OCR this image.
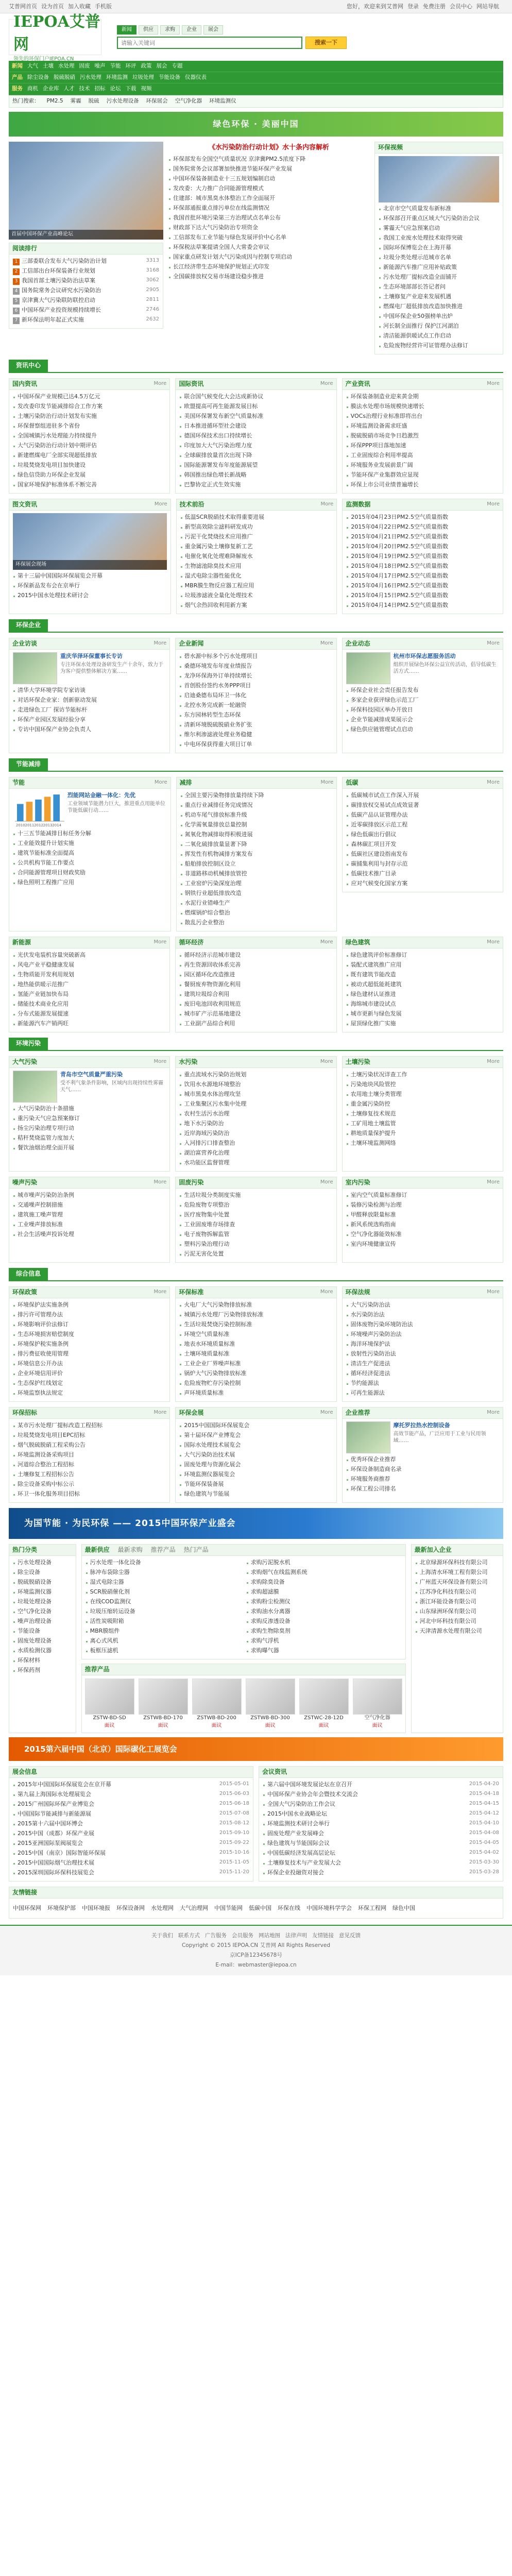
艾普网首页 设为首页 加入收藏 手机版	您好，欢迎来到艾普网 登录 免费注册 会员中心 网站导航
IEPOA艾普网
领先的环保门户IEPOA.CN
新闻	供应	求购	企业	展会
请输入关键词
搜索一下
新闻 大气 土壤 水处理 固废 噪声 节能 环评 政策 展会 专题
产品 除尘设备 脱硫脱硝 污水处理 环境监测 垃圾处理 节能设备 仪器仪表
服务 商机 企业库 人才 技术 招标 论坛 下载 视频
热门搜索： PM2.5 雾霾 脱硫 污水处理设备 环保展会 空气净化器 环境监测仪
绿色环保 · 美丽中国
首届中国环保产业高峰论坛
阅读排行
1 三部委联合发布大气污染防治计划	3313
2 工信部出台环保装备行业规划	3168
3 我国首部土壤污染防治法草案	3062
4 国务院常务会议研究水污染防治	2905
5 京津冀大气污染联防联控启动	2811
6 中国环保产业投资规模持续增长	2746
7 新环保法明年起正式实施	2632
《水污染防治行动计划》水十条内容解析
环保部发布全国空气质量状况 京津冀PM2.5浓度下降
国务院常务会议部署加快推进节能环保产业发展
中国环保装备制造业十三五规划编制启动
发改委：大力推广合同能源管理模式
住建部：城市黑臭水体整治工作全面展开
环保部通报重点排污单位在线监测情况
我国首批环境污染第三方治理试点名单公布
财政部下达大气污染防治专项资金
工信部发布工业节能与绿色发展评价中心名单
环保税法草案提请全国人大常委会审议
国家重点研发计划大气污染成因与控制专项启动
长江经济带生态环境保护规划正式印发
全国碳排放权交易市场建设稳步推进
环保视频
北京市空气质量发布新标准
环保部召开重点区域大气污染防治会议
雾霾天气应急预案启动
我国工业废水处理技术取得突破
国际环保博览会在上海开幕
垃圾分类处理示范城市名单
新能源汽车推广应用补贴政策
污水处理厂提标改造全面铺开
生态环境部部长答记者问
土壤修复产业迎来发展机遇
燃煤电厂超低排放改造加快推进
中国环保企业50强榜单出炉
河长制全面推行 保护江河湖泊
清洁能源供暖试点工作启动
危险废物经营许可证管理办法修订
资讯中心
国内资讯	More
中国环保产业规模已达4.5万亿元
发改委印发节能减排综合工作方案
土壤污染防治行动计划发布实施
环保督察组进驻多个省份
全国城镇污水处理能力持续提升
大气污染防治行动计划中期评估
新建燃煤电厂全部实现超低排放
垃圾焚烧发电项目加快建设
绿色信贷助力环保企业发展
国家环境保护标准体系不断完善
国际资讯	More
联合国气候变化大会达成新协议
欧盟提高可再生能源发展目标
美国环保署发布新空气质量标准
日本推进循环型社会建设
德国环保技术出口持续增长
印度加大大气污染治理力度
全球碳排放量首次出现下降
国际能源署发布年度能源展望
韩国推出绿色增长新战略
巴黎协定正式生效实施
产业资讯	More
环保装备制造业迎来黄金期
膜法水处理市场规模快速增长
VOCs治理行业标准即将出台
环境监测设备需求旺盛
脱硫脱硝市场竞争日趋激烈
环保PPP项目落地加速
工业固废综合利用率提高
环境服务业发展前景广阔
节能环保产业集群效应显现
环保上市公司业绩普遍增长
图文资讯	More
环保展会现场
第十三届中国国际环保展览会开幕
环保新品发布会在京举行
2015中国水处理技术研讨会
技术前沿	More
低温SCR脱硝技术取得重要进展
新型高效除尘滤料研发成功
污泥干化焚烧技术应用推广
重金属污染土壤修复新工艺
电催化氧化处理难降解废水
生物滤池除臭技术应用
湿式电除尘器性能优化
MBR膜生物反应器工程应用
垃圾渗滤液全量化处理技术
烟气余热回收利用新方案
监测数据	More
2015年04月23日PM2.5空气质量指数
2015年04月22日PM2.5空气质量指数
2015年04月21日PM2.5空气质量指数
2015年04月20日PM2.5空气质量指数
2015年04月19日PM2.5空气质量指数
2015年04月18日PM2.5空气质量指数
2015年04月17日PM2.5空气质量指数
2015年04月16日PM2.5空气质量指数
2015年04月15日PM2.5空气质量指数
2015年04月14日PM2.5空气质量指数
环保企业
企业访谈	More
重庆华泽环保董事长专访
专注环保水处理设备研发生产十余年，致力于为客户提供整体解决方案……
清华大学环境学院专家访谈
对话环保企业家：创新驱动发展
走进绿色工厂 探访节能标杆
环保产业园区发展经验分享
专访中国环保产业协会负责人
企业新闻	More
碧水源中标多个污水处理项目
桑德环境发布年度业绩报告
龙净环保海外订单持续增长
首创股份签约水务PPP项目
启迪桑德布局环卫一体化
北控水务完成新一轮融资
东方园林转型生态环保
清新环境脱硫脱硝业务扩张
维尔利渗滤液处理业务稳健
中电环保获得重大项目订单
企业动态	More
杭州市环保志愿服务活动
组织开展绿色环保公益宣传活动，倡导低碳生活方式……
环保企业社会责任报告发布
多家企业获评绿色示范工厂
环保科技园区举办开放日
企业节能减排成果展示会
绿色供应链管理试点启动
节能减排
节能	More
2010 2011 2012 2013 2014
烈能网站金融一体化：先优
工业领域节能潜力巨大，推进重点用能单位节能低碳行动……
十三五节能减排目标任务分解
工业能效提升计划实施
建筑节能标准全面提高
公共机构节能工作要点
合同能源管理项目财政奖励
绿色照明工程推广应用
减排	More
全国主要污染物排放量持续下降
重点行业减排任务完成情况
机动车尾气排放标准升级
化学需氧量排放总量控制
氮氧化物减排取得积极进展
二氧化硫排放量显著下降
挥发性有机物减排方案发布
船舶排放控制区设立
非道路移动机械排放管控
工业窑炉污染深度治理
钢铁行业超低排放改造
水泥行业错峰生产
燃煤锅炉综合整治
散乱污企业整治
低碳	More
低碳城市试点工作深入开展
碳排放权交易试点成效显著
低碳产品认证管理办法
近零碳排放区示范工程
绿色低碳出行倡议
森林碳汇项目开发
低碳社区建设指南发布
碳捕集利用与封存示范
低碳技术推广目录
应对气候变化国家方案
新能源	More
光伏发电装机容量突破新高
风电产业平稳健康发展
生物质能开发利用规划
地热能供暖示范推广
氢能产业链加快布局
储能技术商业化应用
分布式能源发展提速
新能源汽车产销两旺
循环经济	More
循环经济示范城市建设
再生资源回收体系完善
园区循环化改造推进
餐厨废弃物资源化利用
建筑垃圾综合利用
废旧电池回收利用规范
城市矿产示范基地建设
工业副产品综合利用
绿色建筑	More
绿色建筑评价标准修订
装配式建筑推广应用
既有建筑节能改造
被动式超低能耗建筑
绿色建材认证推进
海绵城市建设试点
城市更新与绿色发展
屋顶绿化推广实施
环境污染
大气污染	More
青岛市空气质量严重污染
受不利气象条件影响，区域内出现持续性雾霾天气……
大气污染防治十条措施
重污染天气应急预案修订
扬尘污染治理专项行动
秸秆焚烧监管力度加大
餐饮油烟治理全面开展
水污染	More
重点流域水污染防治规划
饮用水水源地环境整治
城市黑臭水体治理攻坚
工业集聚区污水集中处理
农村生活污水治理
地下水污染防治
近岸海域污染防治
入河排污口排查整治
湖泊富营养化治理
水功能区监督管理
土壤污染	More
土壤污染状况详查工作
污染地块风险管控
农用地土壤分类管理
重金属污染防控
土壤修复技术规范
工矿用地土壤监管
耕地质量保护提升
土壤环境监测网络
噪声污染	More
城市噪声污染防治条例
交通噪声控制措施
建筑施工噪声管理
工业噪声排放标准
社会生活噪声投诉处理
固废污染	More
生活垃圾分类制度实施
危险废物专项整治
医疗废物集中处置
工业固废堆存场排查
电子废物拆解监管
塑料污染治理行动
污泥无害化处置
室内污染	More
室内空气质量标准修订
装修污染检测与治理
甲醛释放限量标准
新风系统选购指南
空气净化器能效标准
室内环境健康宣传
综合信息
环保政策	More
环境保护法实施条例
排污许可管理办法
环境影响评价法修订
生态环境损害赔偿制度
环境保护税实施条例
排污费征收使用管理
环境信息公开办法
企业环境信用评价
生态保护红线划定
环境监察执法规定
环保标准	More
火电厂大气污染物排放标准
城镇污水处理厂污染物排放标准
生活垃圾焚烧污染控制标准
环境空气质量标准
地表水环境质量标准
土壤环境质量标准
工业企业厂界噪声标准
锅炉大气污染物排放标准
危险废物贮存污染控制
声环境质量标准
环保法规	More
大气污染防治法
水污染防治法
固体废物污染环境防治法
环境噪声污染防治法
海洋环境保护法
放射性污染防治法
清洁生产促进法
循环经济促进法
节约能源法
可再生能源法
环保招标	More
某市污水处理厂提标改造工程招标
垃圾焚烧发电项目EPC招标
烟气脱硫脱硝工程采购公告
环境监测设备采购项目
河道综合整治工程招标
土壤修复工程招标公告
除尘设备采购中标公示
环卫一体化服务项目招标
环保会展	More
2015中国国际环保展览会
第十届环保产业博览会
国际水处理技术展览会
大气污染防治技术展
固废处理与资源化展会
环境监测仪器展览会
节能环保装备展
绿色建筑与节能展
企业推荐	More
摩托罗拉热水控制设备
高效节能产品，广泛应用于工业与民用领域……
优秀环保企业推荐
环保设备制造商名录
环境服务商推荐
环保工程公司排名
为国节能 · 为民环保 —— 2015中国环保产业盛会
热门分类
污水处理设备
除尘设备
脱硫脱硝设备
环境监测仪器
垃圾处理设备
空气净化设备
噪声治理设备
节能设备
固废处理设备
水质检测仪器
环保材料
环保药剂
最新供应 最新求购 推荐产品 热门产品
污水处理一体化设备
脉冲布袋除尘器
湿式电除尘器
SCR脱硝催化剂
在线COD监测仪
垃圾压缩转运设备
活性炭吸附箱
MBR膜组件
离心式风机
板框压滤机
求购污泥脱水机
求购烟气在线监测系统
求购除臭设备
求购超滤膜
求购粉尘检测仪
求购油水分离器
求购反渗透设备
求购生物除臭剂
求购气浮机
求购曝气器
推荐产品
ZSTW-BD-SD
面议
ZSTWB-BD-170
面议
ZSTWB-BD-200
面议
ZSTWB-BD-300
面议
ZSTWC-28-12D
面议
空气净化器
面议
最新加入企业
北京绿源环保科技有限公司
上海清水环境工程有限公司
广州蓝天环保设备有限公司
江苏净化科技有限公司
浙江环能设备有限公司
山东绿洲环保有限公司
河北中环科技有限公司
天津清源水处理有限公司
2015第六届中国（北京）国际碳化工展览会
展会信息
2015年中国国际环保展览会在京开幕	2015-05-01
第九届上海国际水处理展览会	2015-06-03
2015广州国际环保产业博览会	2015-06-18
中国国际节能减排与新能源展	2015-07-08
2015第十六届中国环博会	2015-08-12
2015中国（成都）环保产业展	2015-09-10
2015亚洲国际泵阀展览会	2015-09-22
2015中国（南京）国际智能环保展	2015-10-16
2015中国国际烟气治理技术展	2015-11-05
2015深圳国际环保科技展览会	2015-11-20
会议资讯
第六届中国环境发展论坛在京召开	2015-04-20
中国环保产业协会年会暨技术交流会	2015-04-18
全国大气污染防治工作会议	2015-04-15
2015中国水业战略论坛	2015-04-12
环境监测技术研讨会举行	2015-04-10
固废处理产业发展峰会	2015-04-08
绿色建筑与节能国际会议	2015-04-05
中国低碳经济发展高层论坛	2015-04-02
土壤修复技术与产业发展大会	2015-03-30
环保企业投融资对接会	2015-03-28
友情链接
中国环保网 环境保护部 中国环境报 环保设备网 水处理网 大气治理网 中国节能网 低碳中国 环保在线 中国环境科学学会 环保工程网 绿色中国
关于我们 联系方式 广告服务 会员服务 网站地图 法律声明 友情链接 意见反馈
Copyright © 2015 IEPOA.CN 艾普网 All Rights Reserved
京ICP备12345678号
E-mail：webmaster@iepoa.cn
